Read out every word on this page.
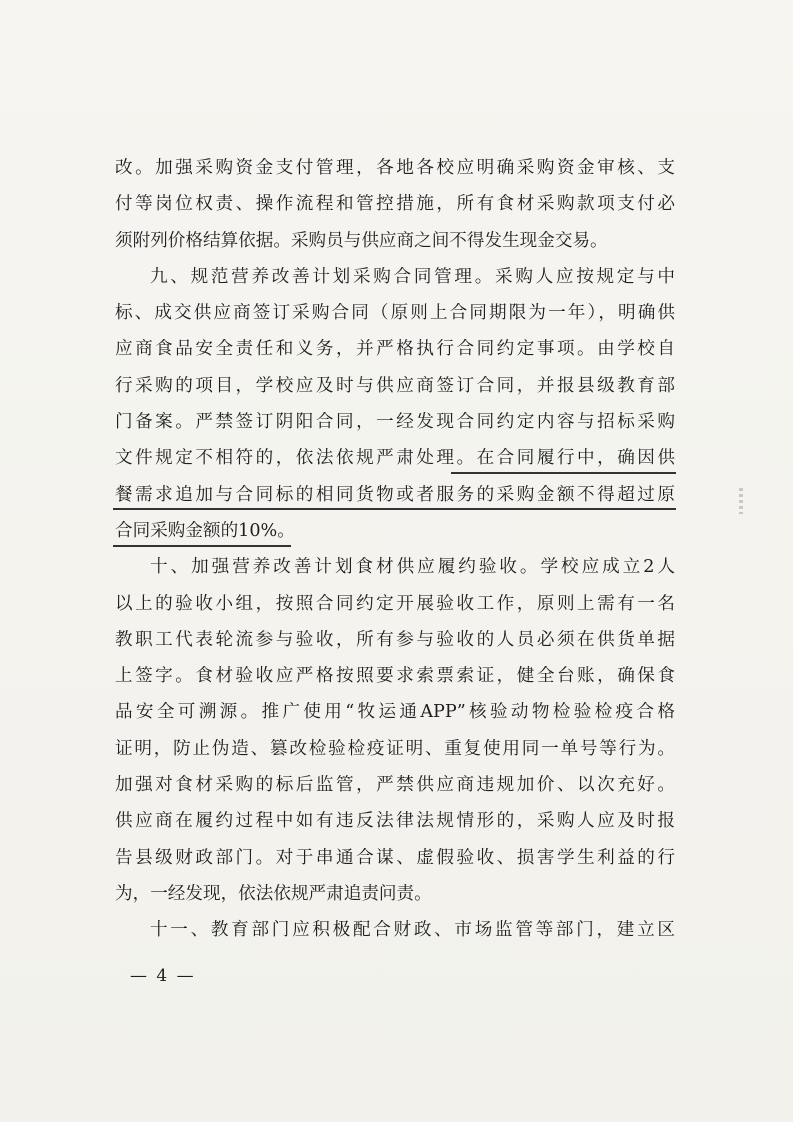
改。加强采购资金支付管理，各地各校应明确采购资金审核、支
付等岗位权责、操作流程和管控措施，所有食材采购款项支付必
须附列价格结算依据。采购员与供应商之间不得发生现金交易。
九、规范营养改善计划采购合同管理。采购人应按规定与中
标、成交供应商签订采购合同（原则上合同期限为一年），明确供
应商食品安全责任和义务，并严格执行合同约定事项。由学校自
行采购的项目，学校应及时与供应商签订合同，并报县级教育部
门备案。严禁签订阴阳合同，一经发现合同约定内容与招标采购
文件规定不相符的，依法依规严肃处理。在合同履行中，确因供
餐需求追加与合同标的相同货物或者服务的采购金额不得超过原
合同采购金额的10%。
十、加强营养改善计划食材供应履约验收。学校应成立2人
以上的验收小组，按照合同约定开展验收工作，原则上需有一名
教职工代表轮流参与验收，所有参与验收的人员必须在供货单据
上签字。食材验收应严格按照要求索票索证，健全台账，确保食
品安全可溯源。推广使用“牧运通APP”核验动物检验检疫合格
证明，防止伪造、篡改检验检疫证明、重复使用同一单号等行为。
加强对食材采购的标后监管，严禁供应商违规加价、以次充好。
供应商在履约过程中如有违反法律法规情形的，采购人应及时报
告县级财政部门。对于串通合谋、虚假验收、损害学生利益的行
为，一经发现，依法依规严肃追责问责。
十一、教育部门应积极配合财政、市场监管等部门，建立区
— 4 —
